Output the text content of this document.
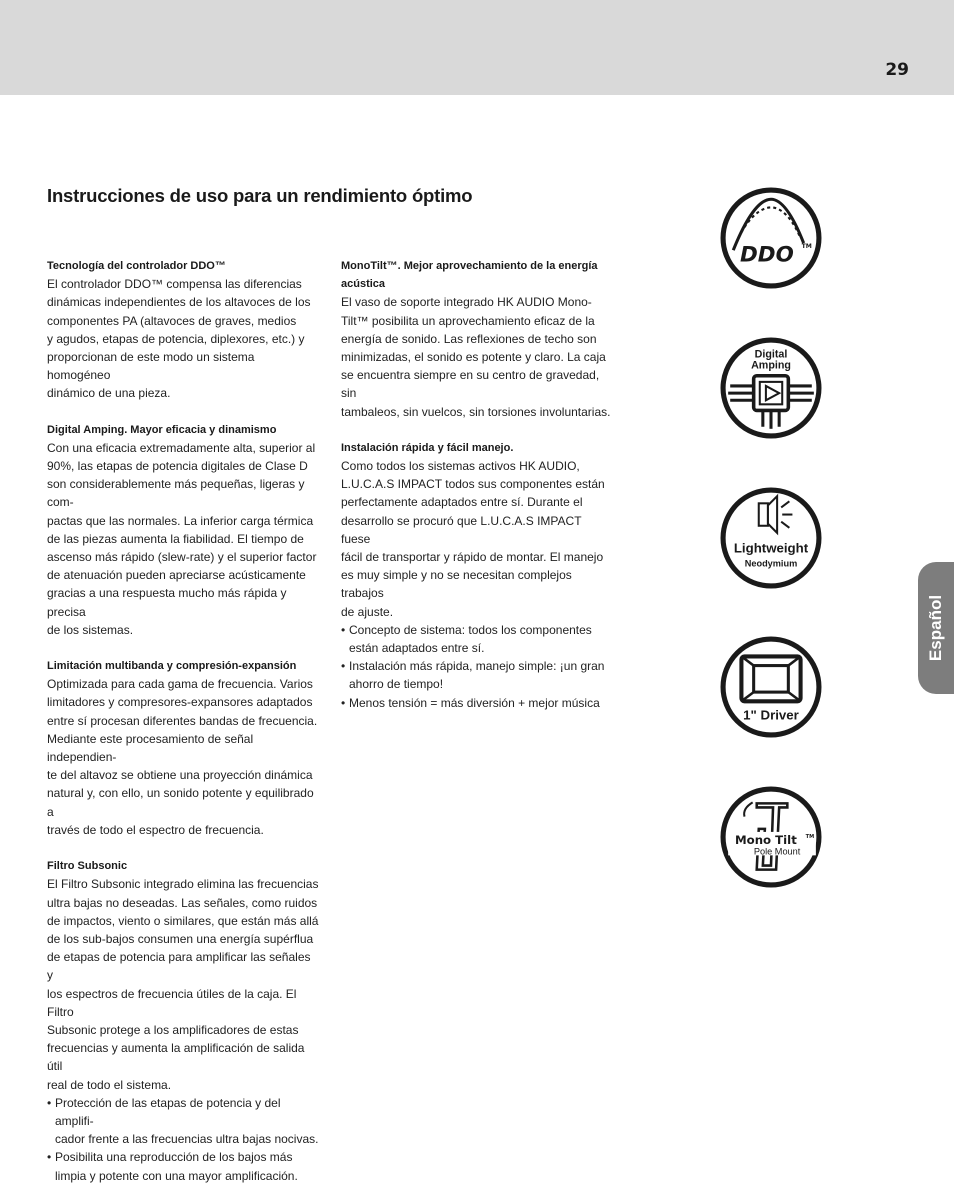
29
Instrucciones de uso para un rendimiento óptimo
Tecnología del controlador DDO™

El controlador DDO™ compensa las diferencias
dinámicas independientes de los altavoces de los
componentes PA (altavoces de graves, medios
y agudos, etapas de potencia, diplexores, etc.) y
proporcionan de este modo un sistema homogéneo
dinámico de una pieza.

Digital Amping. Mayor eficacia y dinamismo

Con una eficacia extremadamente alta, superior al
90%, las etapas de potencia digitales de Clase D
son considerablemente más pequeñas, ligeras y com-
pactas que las normales. La inferior carga térmica
de las piezas aumenta la fiabilidad. El tiempo de
ascenso más rápido (slew-rate) y el superior factor
de atenuación pueden apreciarse acústicamente
gracias a una respuesta mucho más rápida y precisa
de los sistemas.

Limitación multibanda y compresión-expansión

Optimizada para cada gama de frecuencia. Varios
limitadores y compresores-expansores adaptados
entre sí procesan diferentes bandas de frecuencia.
Mediante este procesamiento de señal independien-
te del altavoz se obtiene una proyección dinámica
natural y, con ello, un sonido potente y equilibrado a
través de todo el espectro de frecuencia.

Filtro Subsonic

El Filtro Subsonic integrado elimina las frecuencias
ultra bajas no deseadas. Las señales, como ruidos
de impactos, viento o similares, que están más allá
de los sub-bajos consumen una energía supérflua
de etapas de potencia para amplificar las señales y
los espectros de frecuencia útiles de la caja. El Filtro
Subsonic protege a los amplificadores de estas
frecuencias y aumenta la amplificación de salida útil
real de todo el sistema.

• Protección de las etapas de potencia y del amplifi-
cador frente a las frecuencias ultra bajas nocivas.
• Posibilita una reproducción de los bajos más
limpia y potente con una mayor amplificación.
MonoTilt™. Mejor aprovechamiento de la energía
acústica

El vaso de soporte integrado HK AUDIO Mono-
Tilt™ posibilita un aprovechamiento eficaz de la
energía de sonido. Las reflexiones de techo son
minimizadas, el sonido es potente y claro. La caja
se encuentra siempre en su centro de gravedad, sin
tambaleos, sin vuelcos, sin torsiones involuntarias.

Instalación rápida y fácil manejo.

Como todos los sistemas activos HK AUDIO,
L.U.C.A.S IMPACT todos sus componentes están
perfectamente adaptados entre sí. Durante el
desarrollo se procuró que L.U.C.A.S IMPACT fuese
fácil de transportar y rápido de montar. El manejo
es muy simple y no se necesitan complejos trabajos
de ajuste.

• Concepto de sistema: todos los componentes
están adaptados entre sí.
• Instalación más rápida, manejo simple: ¡un gran
ahorro de tiempo!
• Menos tensión = más diversión + mejor música
Español
DDO TM
Digital
Amping
Lightweight
Neodymium
1" Driver
Mono Tilt TM
Pole Mount
